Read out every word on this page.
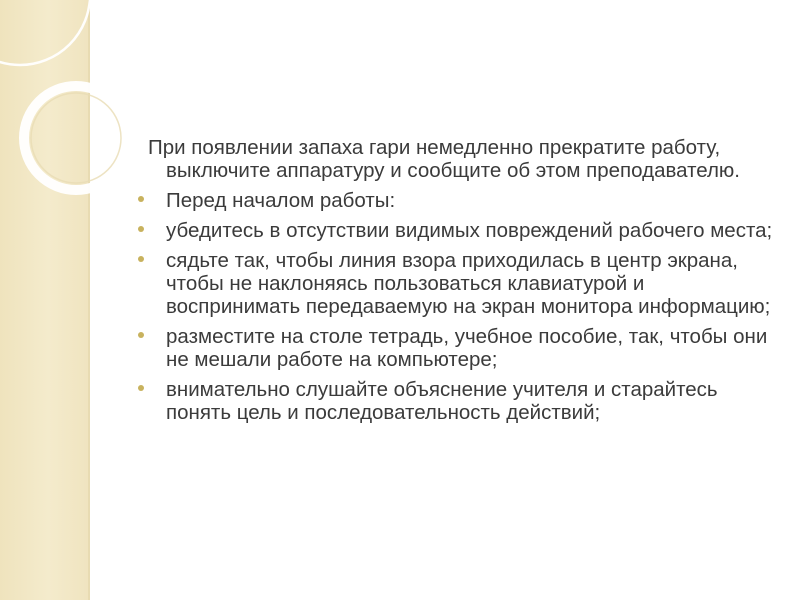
При появлении запаха гари немедленно прекратите работу, выключите аппаратуру и сообщите об этом преподавателю.
Перед началом работы:
убедитесь в отсутствии видимых повреждений рабочего места;
сядьте так, чтобы линия взора приходилась в центр экрана, чтобы не наклоняясь пользоваться клавиатурой и воспринимать передаваемую на экран монитора информацию;
разместите на столе тетрадь, учебное пособие, так, чтобы они не мешали работе на компьютере;
внимательно слушайте объяснение учителя и старайтесь понять цель и последовательность действий;
